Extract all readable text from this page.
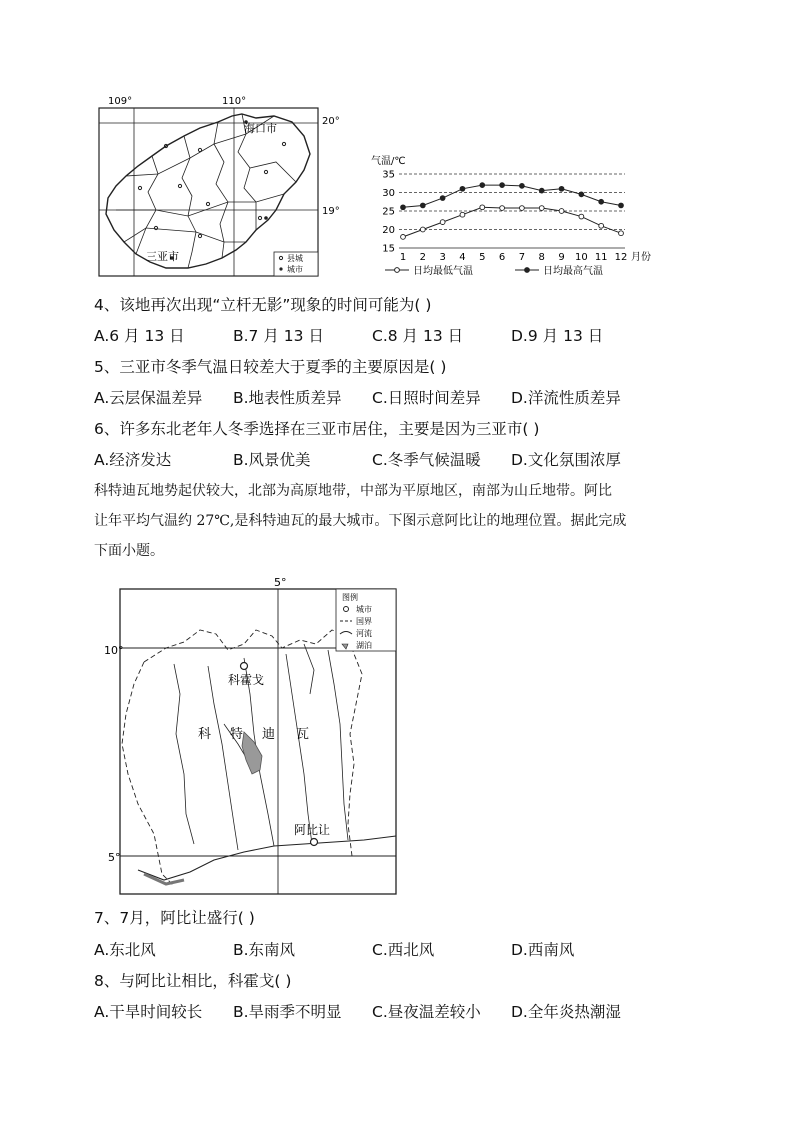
109°	110°
海口市
三亚市
20°
19°
县城
城市
气温/℃
15
20
25
30
35
1 2 3 4 5 6 7 8 9 10 11 12 月份
日均最低气温	日均最高气温
4、该地再次出现“立杆无影”现象的时间可能为( )
A.6 月 13 日	B.7 月 13 日	C.8 月 13 日	D.9 月 13 日
5、三亚市冬季气温日较差大于夏季的主要原因是( )
A.云层保温差异 B.地表性质差异 C.日照时间差异 D.洋流性质差异
6、许多东北老年人冬季选择在三亚市居住，主要是因为三亚市( )
A.经济发达	B.风景优美	C.冬季气候温暖 D.文化氛围浓厚
科特迪瓦地势起伏较大，北部为高原地带，中部为平原地区，南部为山丘地带。阿比
让年平均气温约 27℃,是科特迪瓦的最大城市。下图示意阿比让的地理位置。据此完成
下面小题。
5°
10°
5°
科霍戈
阿比让
科 特 迪 瓦
图例
城市
国界
河流
湖泊
7、7月，阿比让盛行( )
A.东北风	B.东南风	C.西北风	D.西南风
8、与阿比让相比，科霍戈( )
A.干旱时间较长 B.旱雨季不明显 C.昼夜温差较小 D.全年炎热潮湿
